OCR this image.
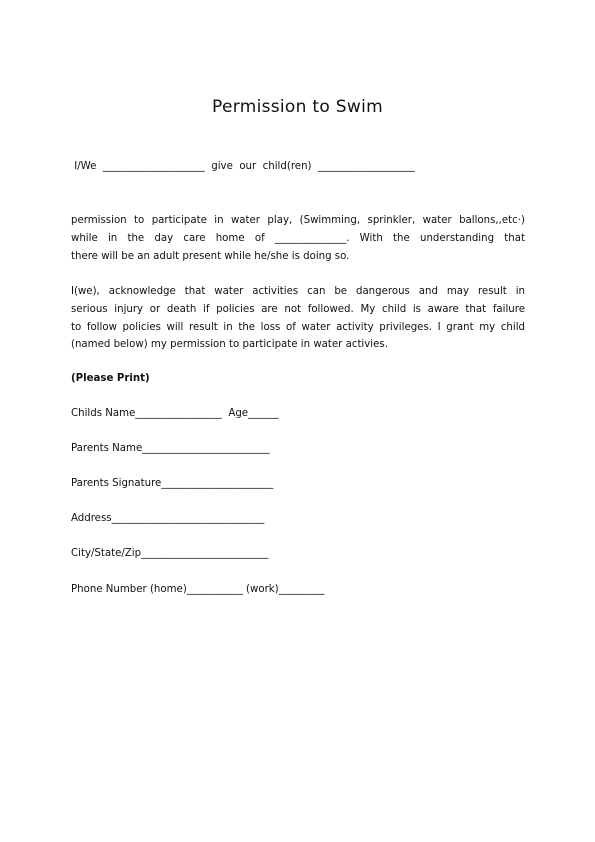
Permission to Swim
I/We  ____________________  give  our  child(ren)  ___________________
permission to participate in water play, (Swimming, sprinkler, water ballons,,etc·)
while in the day care home of ______________. With the understanding that
there will be an adult present while he/she is doing so.
I(we), acknowledge that water activities can be dangerous and may result in
serious injury or death if policies are not followed. My child is aware that failure
to follow policies will result in the loss of water activity privileges. I grant my child
(named below) my permission to participate in water activies.
(Please Print)
Childs Name_________________  Age______
Parents Name_________________________
Parents Signature______________________
Address______________________________
City/State/Zip_________________________
Phone Number (home)___________ (work)_________
